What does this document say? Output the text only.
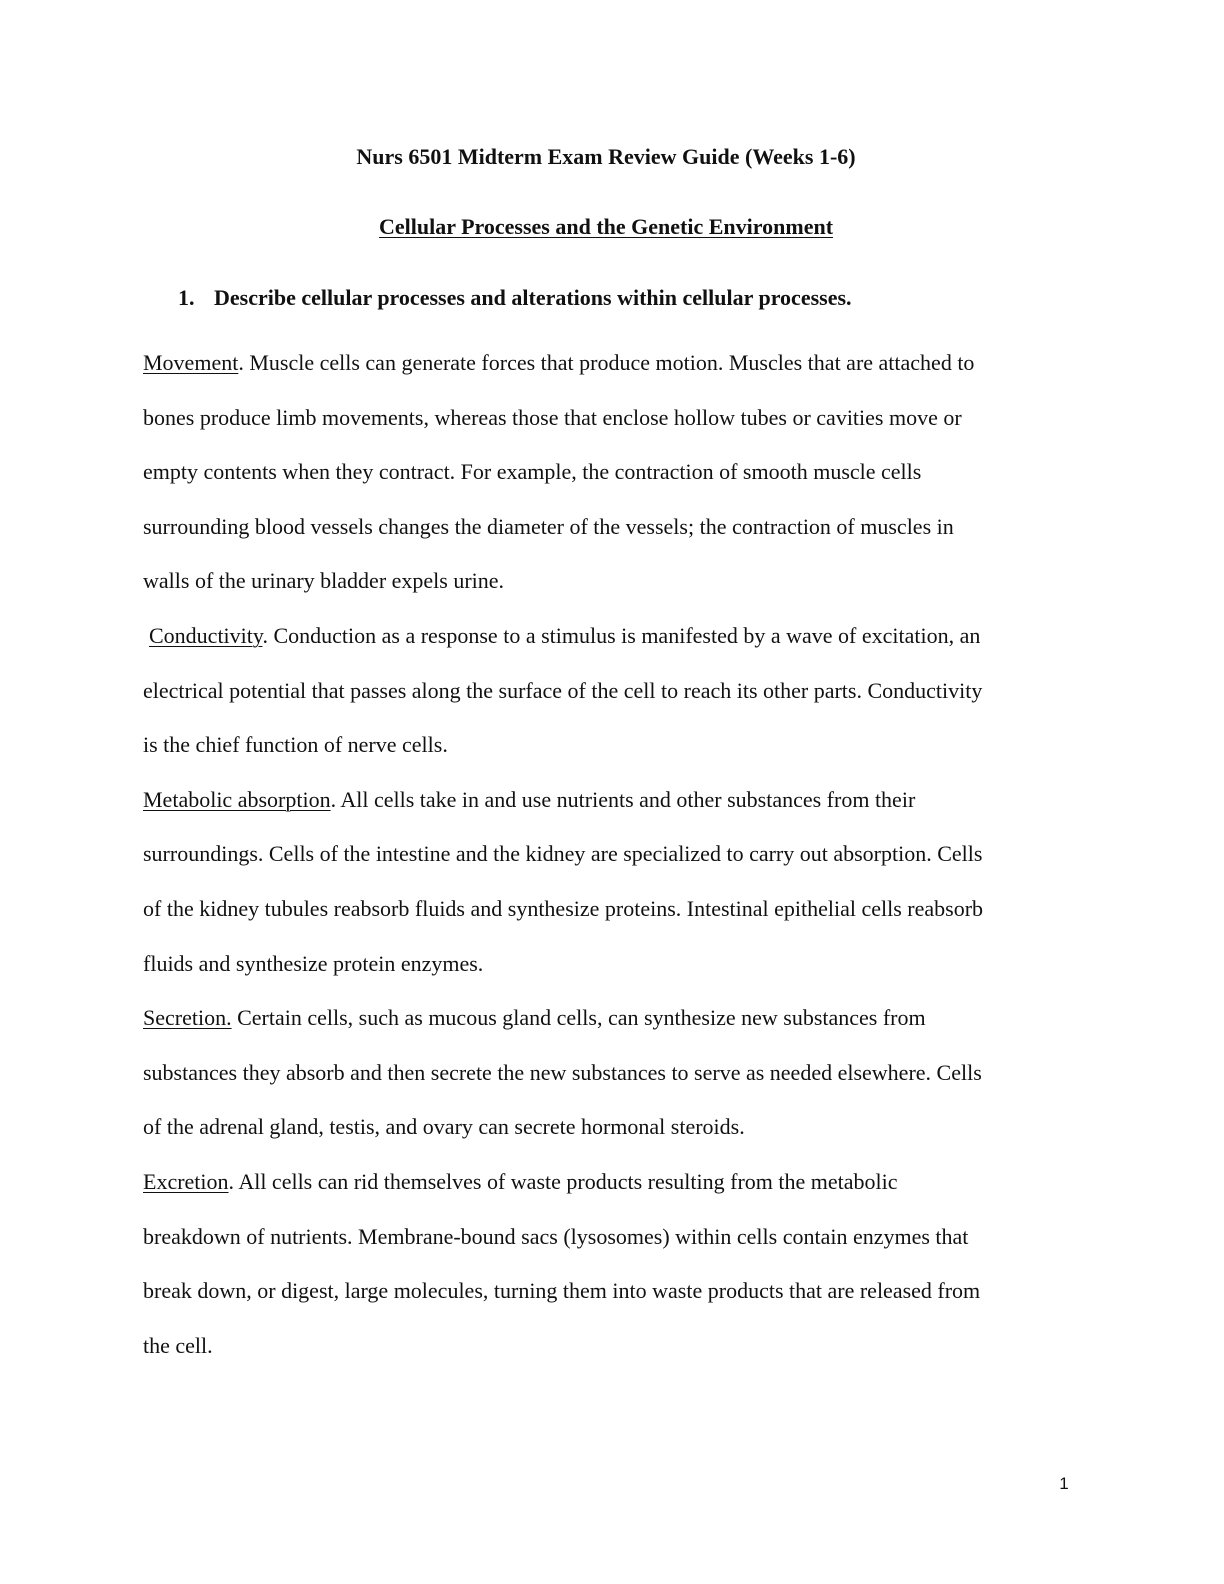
Nurs 6501 Midterm Exam Review Guide (Weeks 1-6)
Cellular Processes and the Genetic Environment

1. Describe cellular processes and alterations within cellular processes.

Movement. Muscle cells can generate forces that produce motion. Muscles that are attached to
bones produce limb movements, whereas those that enclose hollow tubes or cavities move or
empty contents when they contract. For example, the contraction of smooth muscle cells
surrounding blood vessels changes the diameter of the vessels; the contraction of muscles in
walls of the urinary bladder expels urine.
Conductivity. Conduction as a response to a stimulus is manifested by a wave of excitation, an
electrical potential that passes along the surface of the cell to reach its other parts. Conductivity
is the chief function of nerve cells.
Metabolic absorption. All cells take in and use nutrients and other substances from their
surroundings. Cells of the intestine and the kidney are specialized to carry out absorption. Cells
of the kidney tubules reabsorb fluids and synthesize proteins. Intestinal epithelial cells reabsorb
fluids and synthesize protein enzymes.
Secretion. Certain cells, such as mucous gland cells, can synthesize new substances from
substances they absorb and then secrete the new substances to serve as needed elsewhere. Cells
of the adrenal gland, testis, and ovary can secrete hormonal steroids.
Excretion. All cells can rid themselves of waste products resulting from the metabolic
breakdown of nutrients. Membrane-bound sacs (lysosomes) within cells contain enzymes that
break down, or digest, large molecules, turning them into waste products that are released from
the cell.
1
